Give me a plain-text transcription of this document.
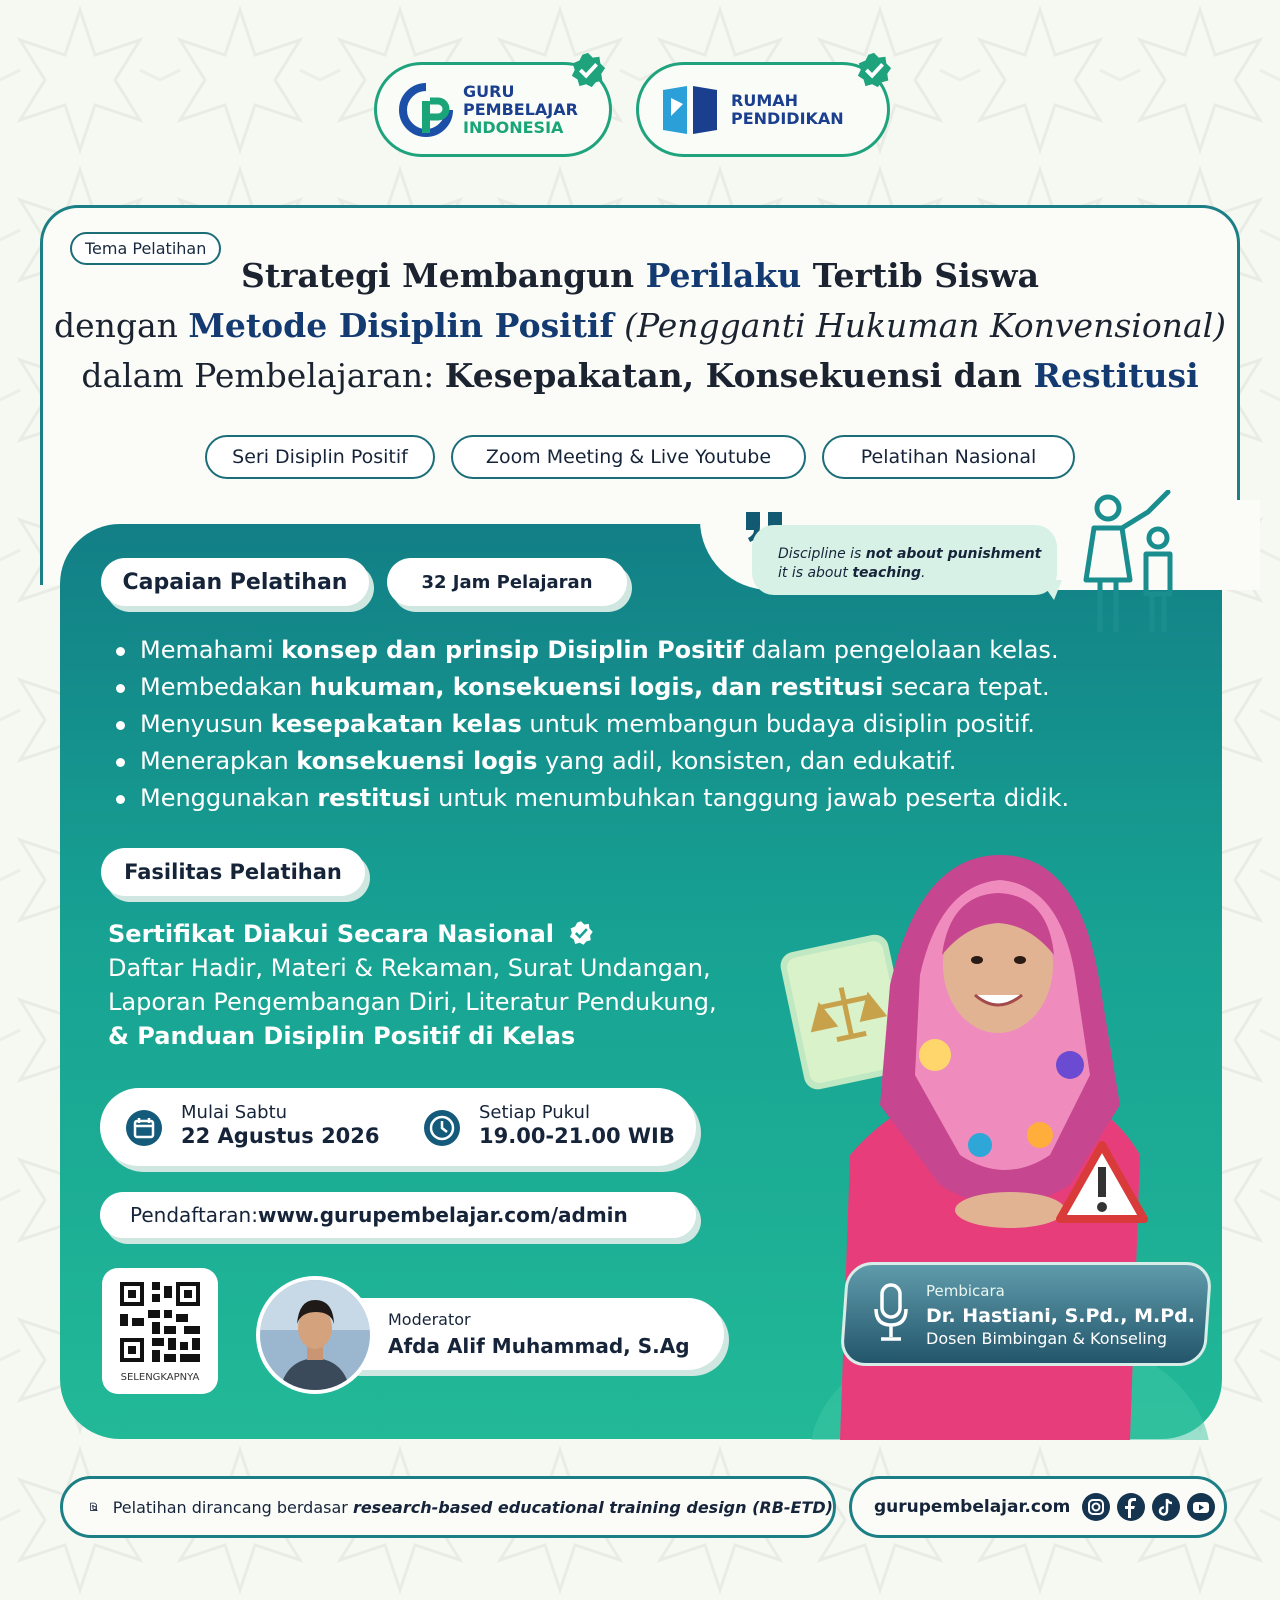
GURU
PEMBELAJAR
INDONESIA
RUMAH
PENDIDIKAN
Tema Pelatihan
Strategi Membangun Perilaku Tertib Siswa
dengan Metode Disiplin Positif (Pengganti Hukuman Konvensional)
dalam Pembelajaran: Kesepakatan, Konsekuensi dan Restitusi
Seri Disiplin Positif	Zoom Meeting & Live Youtube	Pelatihan Nasional
Discipline is not about punishment
it is about teaching.
Capaian Pelatihan	32 Jam Pelajaran
Memahami konsep dan prinsip Disiplin Positif dalam pengelolaan kelas.
Membedakan hukuman, konsekuensi logis, dan restitusi secara tepat.
Menyusun kesepakatan kelas untuk membangun budaya disiplin positif.
Menerapkan konsekuensi logis yang adil, konsisten, dan edukatif.
Menggunakan restitusi untuk menumbuhkan tanggung jawab peserta didik.
Fasilitas Pelatihan
Sertifikat Diakui Secara Nasional
Daftar Hadir, Materi & Rekaman, Surat Undangan,
Laporan Pengembangan Diri, Literatur Pendukung,
& Panduan Disiplin Positif di Kelas
Mulai Sabtu
22 Agustus 2026
Setiap Pukul
19.00-21.00 WIB
Pendaftaran: www.gurupembelajar.com/admin
SELENGKAPNYA
Moderator
Afda Alif Muhammad, S.Ag
Pembicara
Dr. Hastiani, S.Pd., M.Pd.
Dosen Bimbingan & Konseling
Pelatihan dirancang berdasar research-based educational training design (RB-ETD) gurupembelajar.com
